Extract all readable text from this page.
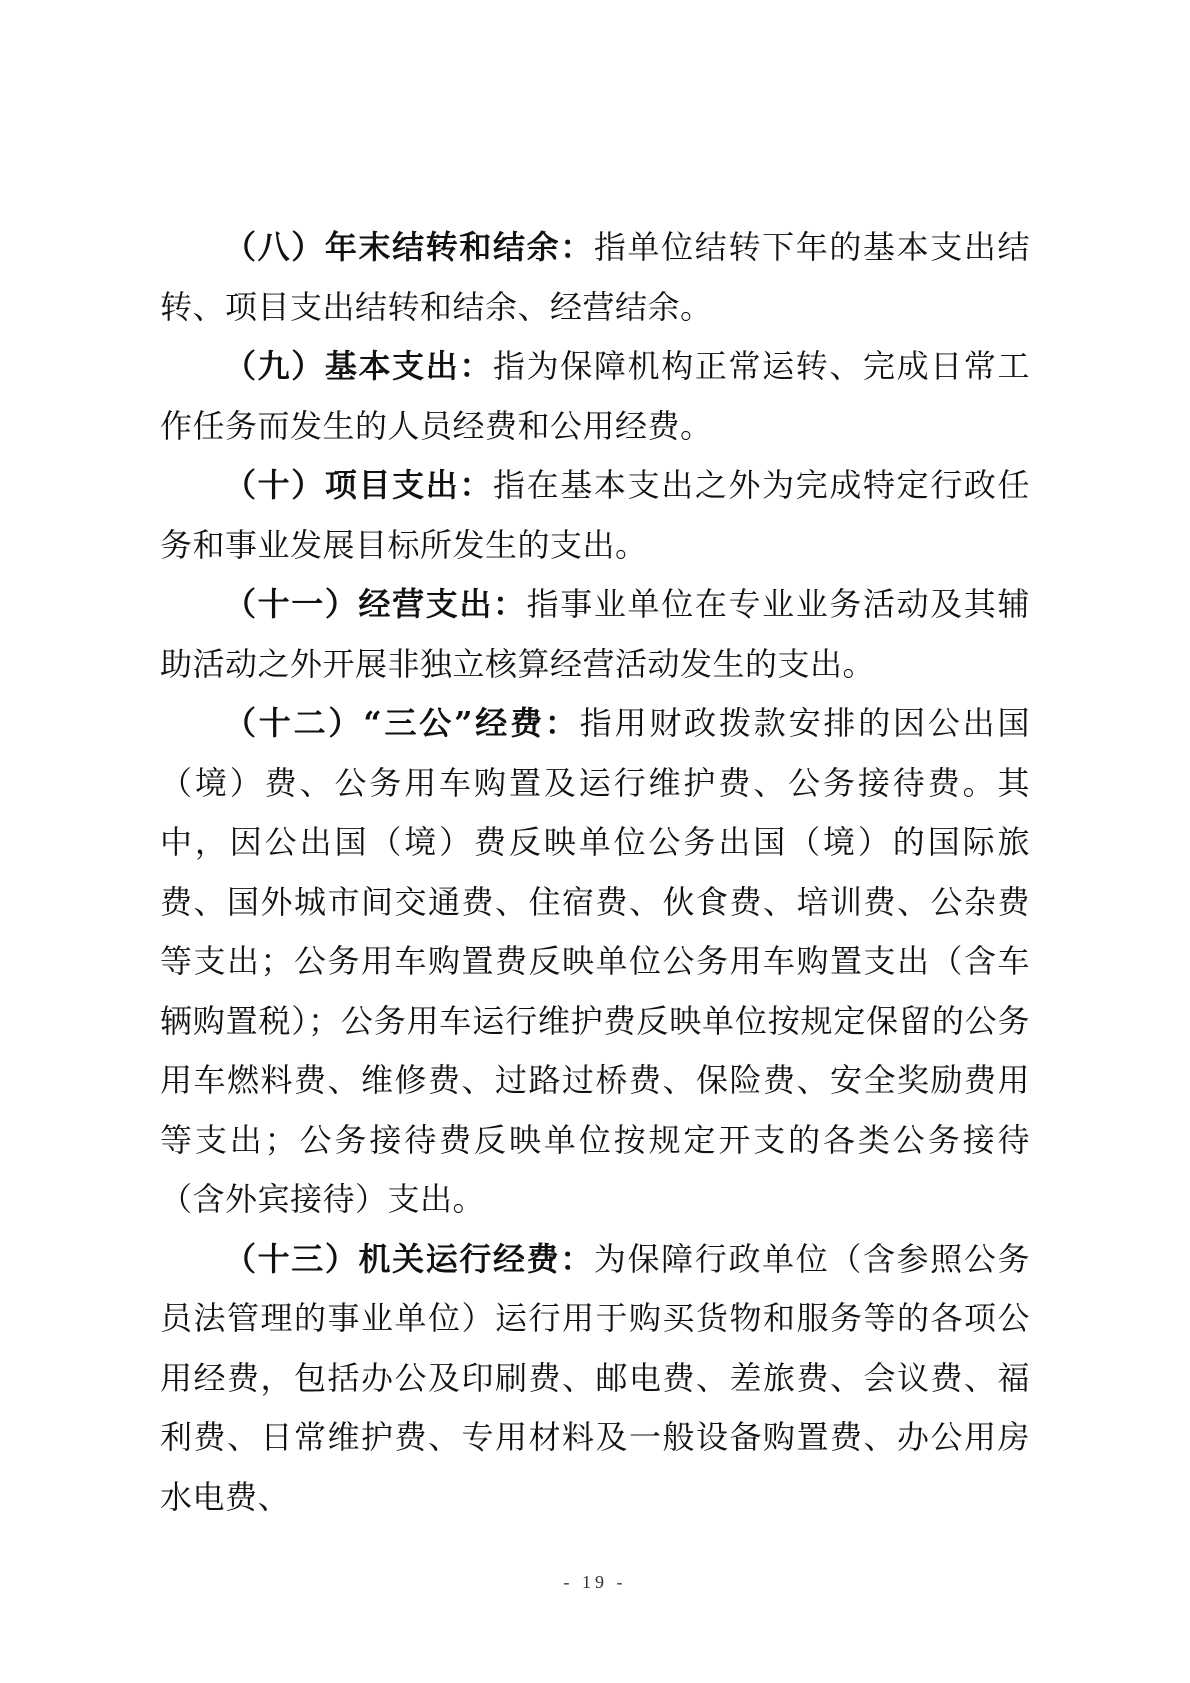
（八）年末结转和结余：指单位结转下年的基本支出结转、项目支出结转和结余、经营结余。

（九）基本支出：指为保障机构正常运转、完成日常工作任务而发生的人员经费和公用经费。

（十）项目支出：指在基本支出之外为完成特定行政任务和事业发展目标所发生的支出。

（十一）经营支出：指事业单位在专业业务活动及其辅助活动之外开展非独立核算经营活动发生的支出。

（十二）“三公”经费：指用财政拨款安排的因公出国（境）费、公务用车购置及运行维护费、公务接待费。其中，因公出国（境）费反映单位公务出国（境）的国际旅费、国外城市间交通费、住宿费、伙食费、培训费、公杂费等支出；公务用车购置费反映单位公务用车购置支出（含车辆购置税）；公务用车运行维护费反映单位按规定保留的公务用车燃料费、维修费、过路过桥费、保险费、安全奖励费用等支出；公务接待费反映单位按规定开支的各类公务接待（含外宾接待）支出。

（十三）机关运行经费：为保障行政单位（含参照公务员法管理的事业单位）运行用于购买货物和服务等的各项公用经费，包括办公及印刷费、邮电费、差旅费、会议费、福利费、日常维护费、专用材料及一般设备购置费、办公用房水电费、

- 19 -
